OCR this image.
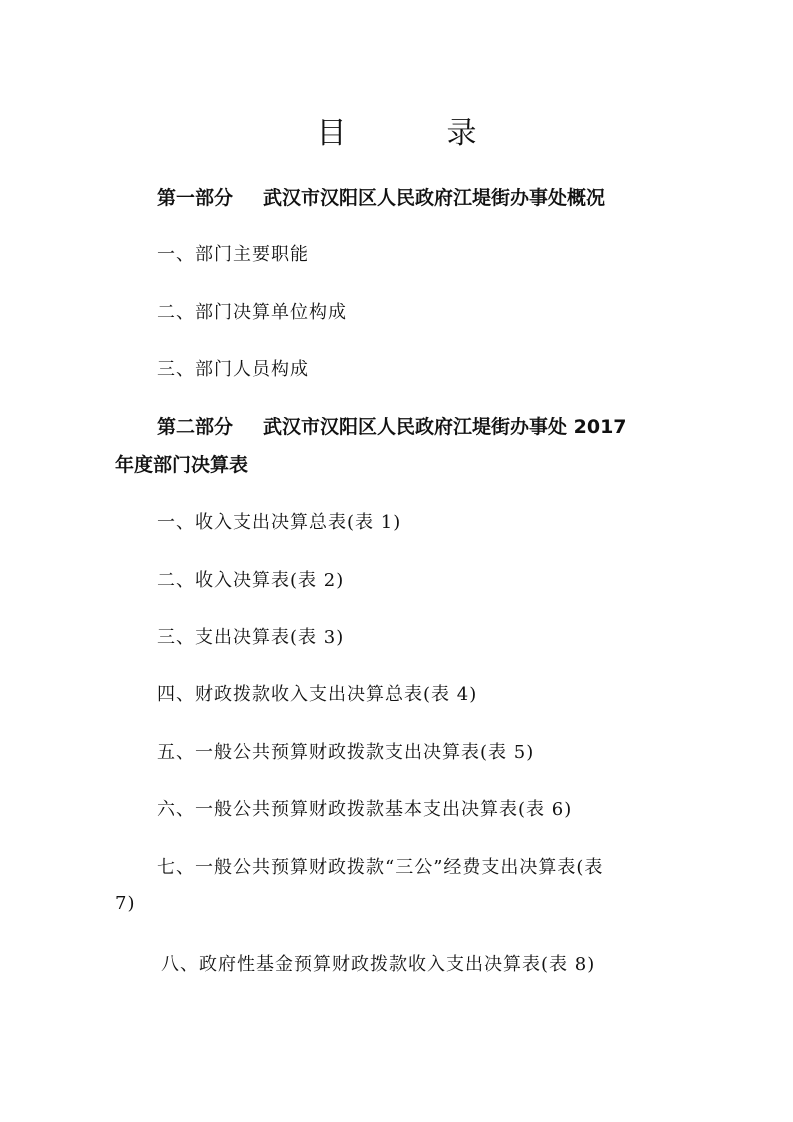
目	录
第一部分 武汉市汉阳区人民政府江堤街办事处概况
一、部门主要职能
二、部门决算单位构成
三、部门人员构成
第二部分 武汉市汉阳区人民政府江堤街办事处 2017
年度部门决算表
一、收入支出决算总表(表 1)
二、收入决算表(表 2)
三、支出决算表(表 3)
四、财政拨款收入支出决算总表(表 4)
五、一般公共预算财政拨款支出决算表(表 5)
六、一般公共预算财政拨款基本支出决算表(表 6)
七、一般公共预算财政拨款“三公”经费支出决算表(表
7)
八、政府性基金预算财政拨款收入支出决算表(表 8)
